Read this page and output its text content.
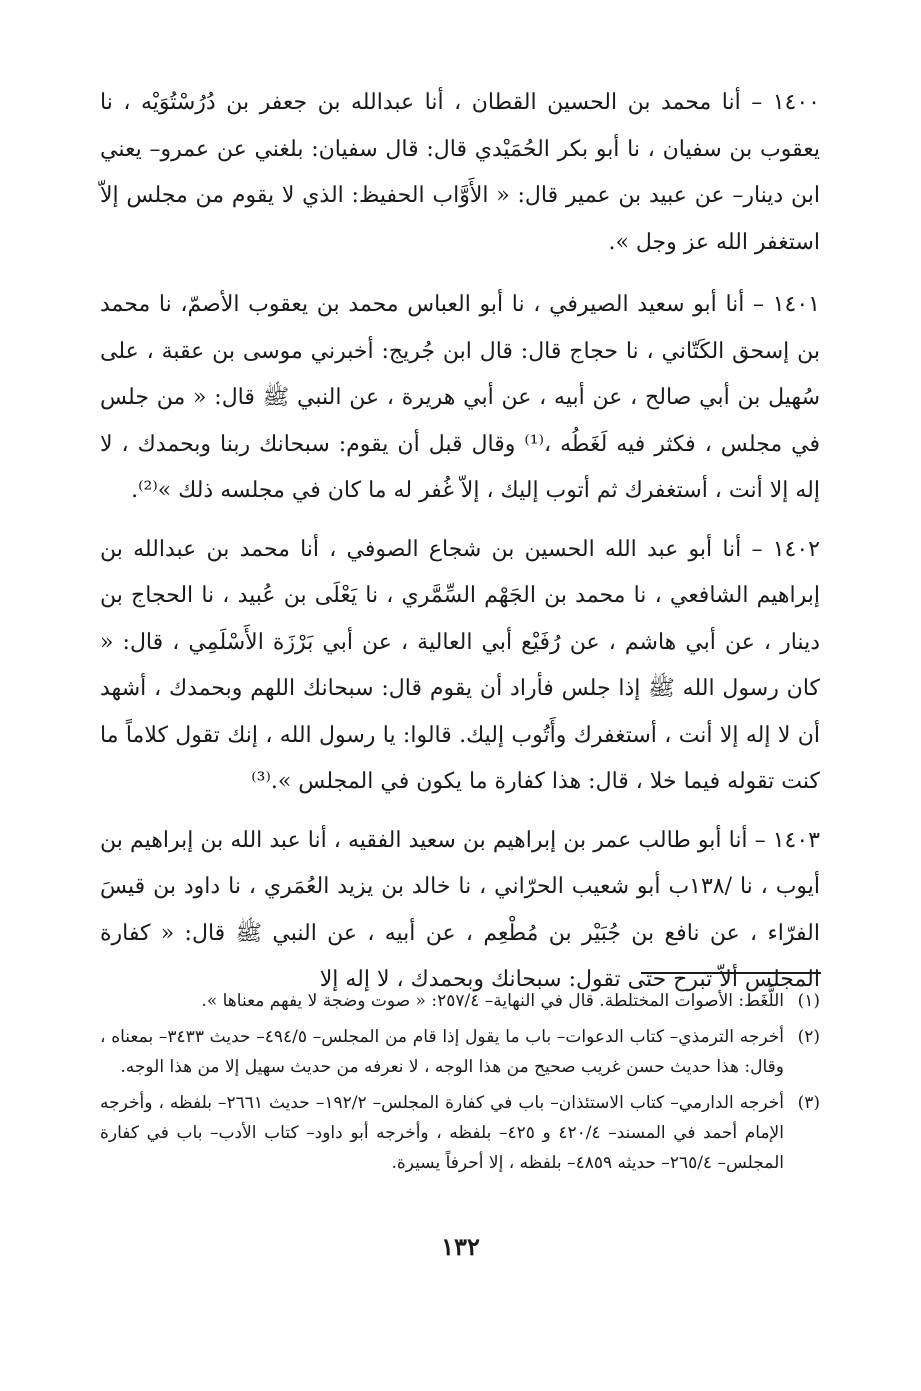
١٤٠٠ – أنا محمد بن الحسين القطان ، أنا عبدالله بن جعفر بن دُرُسْتُوَيْه ، نا يعقوب بن سفيان ، نا أبو بكر الحُمَيْدي قال: قال سفيان: بلغني عن عمرو– يعني ابن دينار– عن عبيد بن عمير قال: « الأَوَّاب الحفيظ: الذي لا يقوم من مجلس إلاّ استغفر الله عز وجل ».

١٤٠١ – أنا أبو سعيد الصيرفي ، نا أبو العباس محمد بن يعقوب الأصمّ، نا محمد بن إسحق الكَتّاني ، نا حجاج قال: قال ابن جُريج: أخبرني موسى بن عقبة ، على سُهيل بن أبي صالح ، عن أبيه ، عن أبي هريرة ، عن النبي ﷺ قال: « من جلس في مجلس ، فكثر فيه لَغَطُه ،⁽¹⁾ وقال قبل أن يقوم: سبحانك ربنا وبحمدك ، لا إله إلا أنت ، أستغفرك ثم أتوب إليك ، إلاّ غُفر له ما كان في مجلسه ذلك »⁽²⁾.

١٤٠٢ – أنا أبو عبد الله الحسين بن شجاع الصوفي ، أنا محمد بن عبدالله بن إبراهيم الشافعي ، نا محمد بن الجَهْم السِّمَّري ، نا يَعْلَى بن عُبيد ، نا الحجاج بن دينار ، عن أبي هاشم ، عن رُفَيْع أبي العالية ، عن أبي بَرْزَة الأَسْلَمِي ، قال: « كان رسول الله ﷺ إذا جلس فأراد أن يقوم قال: سبحانك اللهم وبحمدك ، أشهد أن لا إله إلا أنت ، أستغفرك وأَتُوب إليك. قالوا: يا رسول الله ، إنك تقول كلاماً ما كنت تقوله فيما خلا ، قال: هذا كفارة ما يكون في المجلس ».⁽³⁾

١٤٠٣ – أنا أبو طالب عمر بن إبراهيم بن سعيد الفقيه ، أنا عبد الله بن إبراهيم بن أيوب ، نا ‎/١٣٨ب‎ أبو شعيب الحرّاني ، نا خالد بن يزيد العُمَري ، نا داود بن قيسَ الفرّاء ، عن نافع بن جُبَيْر بن مُطْعِم ، عن أبيه ، عن النبي ﷺ قال: « كفارة المجلس ألاّ تبرح حتى تقول: سبحانك وبحمدك ، لا إله إلا

(١)
اللَّغَط: الأصوات المختلطة. قال في النهاية– ٢٥٧/٤: « صوت وضجة لا يفهم معناها ».
(٢)
أخرجه الترمذي– كتاب الدعوات– باب ما يقول إذا قام من المجلس– ٤٩٤/٥– حديث ٣٤٣٣– بمعناه ، وقال: هذا حديث حسن غريب صحيح من هذا الوجه ، لا نعرفه من حديث سهيل إلا من هذا الوجه.
(٣)
أخرجه الدارمي– كتاب الاستئذان– باب في كفارة المجلس– ١٩٢/٢– حديث ٢٦٦١– بلفظه ، وأخرجه الإمام أحمد في المسند– ٤٢٠/٤ و ٤٢٥– بلفظه ، وأخرجه أبو داود– كتاب الأدب– باب في كفارة المجلس– ٢٦٥/٤– حديثه ٤٨٥٩– بلفظه ، إلا أحرفاً يسيرة.
١٣٢
